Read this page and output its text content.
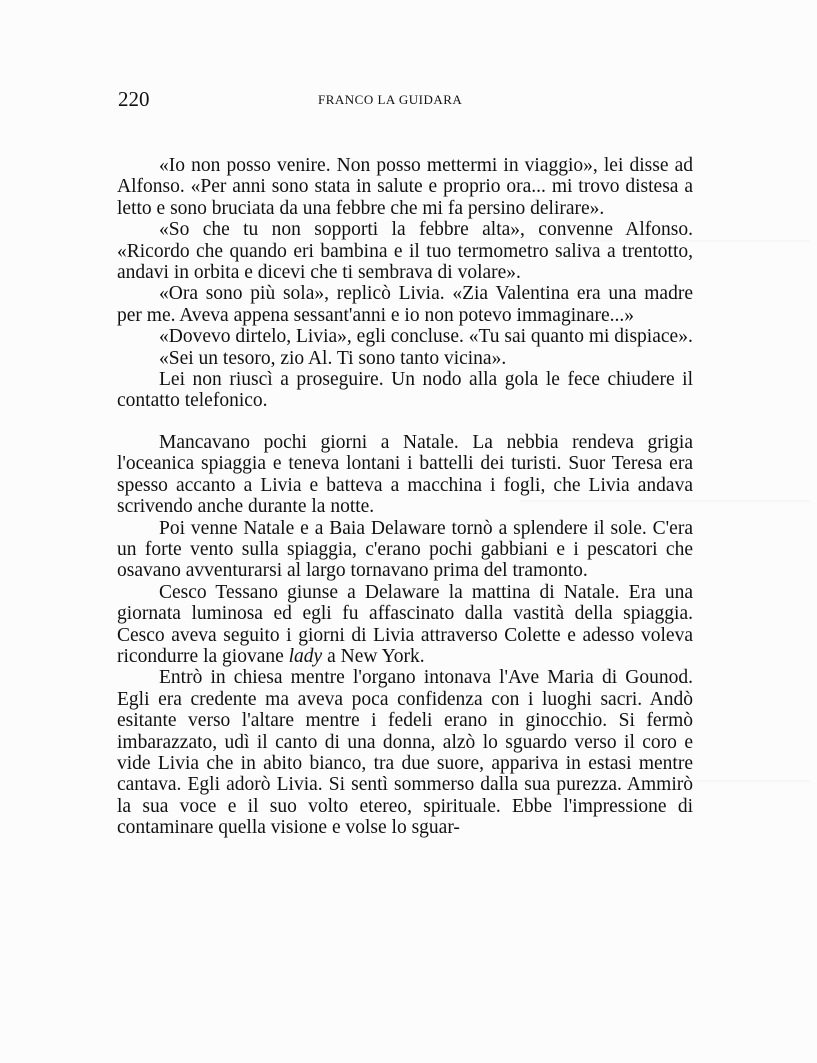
220	FRANCO LA GUIDARA

«Io non posso venire. Non posso mettermi in viaggio», lei disse ad Alfonso. «Per anni sono stata in salute e proprio ora... mi trovo distesa a letto e sono bruciata da una febbre che mi fa persino delirare».

«So che tu non sopporti la febbre alta», convenne Alfonso. «Ricordo che quando eri bambina e il tuo termometro saliva a trentotto, andavi in orbita e dicevi che ti sembrava di volare».

«Ora sono più sola», replicò Livia. «Zia Valentina era una madre per me. Aveva appena sessant'anni e io non potevo immaginare...»

«Dovevo dirtelo, Livia», egli concluse. «Tu sai quanto mi dispiace».

«Sei un tesoro, zio Al. Ti sono tanto vicina».

Lei non riuscì a proseguire. Un nodo alla gola le fece chiudere il contatto telefonico.

Mancavano pochi giorni a Natale. La nebbia rendeva grigia l'oceanica spiaggia e teneva lontani i battelli dei turisti. Suor Teresa era spesso accanto a Livia e batteva a macchina i fogli, che Livia andava scrivendo anche durante la notte.

Poi venne Natale e a Baia Delaware tornò a splendere il sole. C'era un forte vento sulla spiaggia, c'erano pochi gabbiani e i pescatori che osavano avventurarsi al largo tornavano prima del tramonto.

Cesco Tessano giunse a Delaware la mattina di Natale. Era una giornata luminosa ed egli fu affascinato dalla vastità della spiaggia. Cesco aveva seguito i giorni di Livia attraverso Colette e adesso voleva ricondurre la giovane lady a New York.

Entrò in chiesa mentre l'organo intonava l'Ave Maria di Gounod. Egli era credente ma aveva poca confidenza con i luoghi sacri. Andò esitante verso l'altare mentre i fedeli erano in ginocchio. Si fermò imbarazzato, udì il canto di una donna, alzò lo sguardo verso il coro e vide Livia che in abito bianco, tra due suore, appariva in estasi mentre cantava. Egli adorò Livia. Si sentì sommerso dalla sua purezza. Ammirò la sua voce e il suo volto etereo, spirituale. Ebbe l'impressione di contaminare quella visione e volse lo sguar-
